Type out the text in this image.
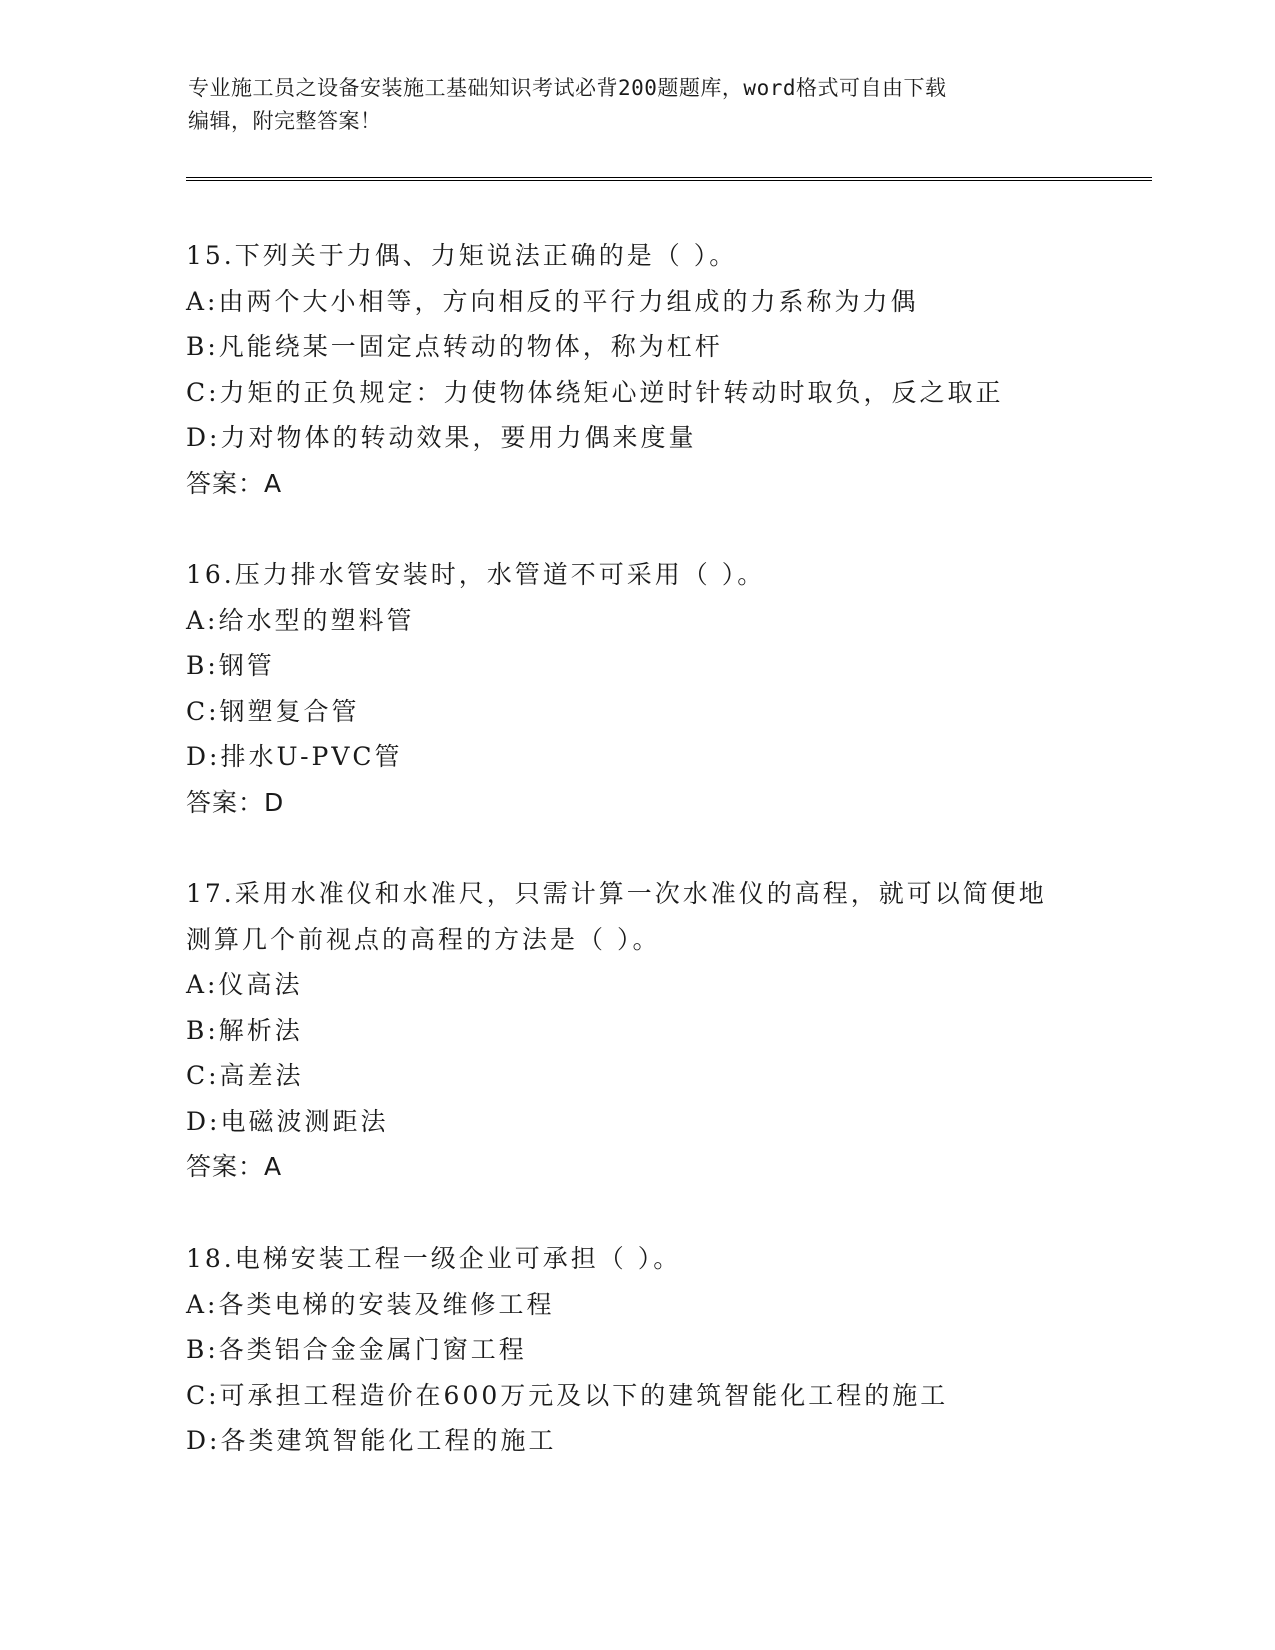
专业施工员之设备安装施工基础知识考试必背200题题库，word格式可自由下载
编辑，附完整答案！
15.下列关于力偶、力矩说法正确的是（ ）。
A:由两个大小相等，方向相反的平行力组成的力系称为力偶
B:凡能绕某一固定点转动的物体，称为杠杆
C:力矩的正负规定：力使物体绕矩心逆时针转动时取负，反之取正
D:力对物体的转动效果，要用力偶来度量
答案：A
16.压力排水管安装时，水管道不可采用（ ）。
A:给水型的塑料管
B:钢管
C:钢塑复合管
D:排水U-PVC管
答案：D
17.采用水准仪和水准尺，只需计算一次水准仪的高程，就可以简便地
测算几个前视点的高程的方法是（ ）。
A:仪高法
B:解析法
C:高差法
D:电磁波测距法
答案：A
18.电梯安装工程一级企业可承担（ ）。
A:各类电梯的安装及维修工程
B:各类铝合金金属门窗工程
C:可承担工程造价在600万元及以下的建筑智能化工程的施工
D:各类建筑智能化工程的施工
